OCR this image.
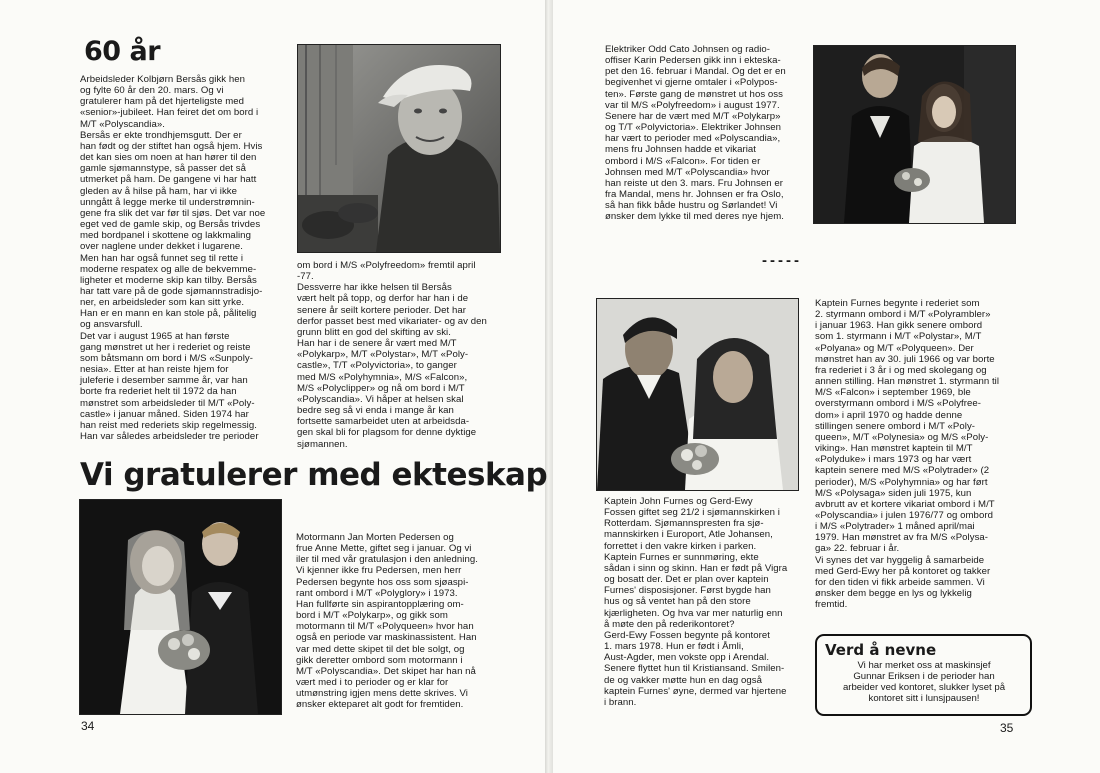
60 år
Arbeidsleder Kolbjørn Bersås gikk hen
og fylte 60 år den 20. mars. Og vi
gratulerer ham på det hjerteligste med
«senior»-jubileet. Han feiret det om bord i
M/T «Polyscandia».
Bersås er ekte trondhjemsgutt. Der er
han født og der stiftet han også hjem. Hvis
det kan sies om noen at han hører til den
gamle sjømannstype, så passer det så
utmerket på ham. De gangene vi har hatt
gleden av å hilse på ham, har vi ikke
unngått å legge merke til understrømnin-
gene fra slik det var før til sjøs. Det var noe
eget ved de gamle skip, og Bersås trivdes
med bordpanel i skottene og lakkmaling
over naglene under dekket i lugarene.
Men han har også funnet seg til rette i
moderne respatex og alle de bekvemme-
ligheter et moderne skip kan tilby. Bersås
har tatt vare på de gode sjømannstradisjo-
ner, en arbeidsleder som kan sitt yrke.
Han er en mann en kan stole på, pålitelig
og ansvarsfull.
Det var i august 1965 at han første
gang mønstret ut her i rederiet og reiste
som båtsmann om bord i M/S «Sunpoly-
nesia». Etter at han reiste hjem for
juleferie i desember samme år, var han
borte fra rederiet helt til 1972 da han
mønstret som arbeidsleder til M/T «Poly-
castle» i januar måned. Siden 1974 har
han reist med rederiets skip regelmessig.
Han var således arbeidsleder tre perioder
om bord i M/S «Polyfreedom» fremtil april
-77.
Dessverre har ikke helsen til Bersås
vært helt på topp, og derfor har han i de
senere år seilt kortere perioder. Det har
derfor passet best med vikariater- og av den
grunn blitt en god del skifting av ski.
Han har i de senere år vært med M/T
«Polykarp», M/T «Polystar», M/T «Poly-
castle», T/T «Polyvictoria», to ganger
med M/S «Polyhymnia», M/S «Falcon»,
M/S «Polyclipper» og nå om bord i M/T
«Polyscandia». Vi håper at helsen skal
bedre seg så vi enda i mange år kan
fortsette samarbeidet uten at arbeidsda-
gen skal bli for plagsom for denne dyktige
sjømannen.
Vi gratulerer med ekteskap
Motormann Jan Morten Pedersen og
frue Anne Mette, giftet seg i januar. Og vi
iler til med vår gratulasjon i den anledning.
Vi kjenner ikke fru Pedersen, men herr
Pedersen begynte hos oss som sjøaspi-
rant ombord i M/T «Polyglory» i 1973.
Han fullførte sin aspirantopplæring om-
bord i M/T «Polykarp», og gikk som
motormann til M/T «Polyqueen» hvor han
også en periode var maskinassistent. Han
var med dette skipet til det ble solgt, og
gikk deretter ombord som motormann i
M/T «Polyscandia». Det skipet har han nå
vært med i to perioder og er klar for
utmønstring igjen mens dette skrives. Vi
ønsker ekteparet alt godt for fremtiden.
34
Elektriker Odd Cato Johnsen og radio-
offiser Karin Pedersen gikk inn i ekteska-
pet den 16. februar i Mandal. Og det er en
begivenhet vi gjerne omtaler i «Polypos-
ten». Første gang de mønstret ut hos oss
var til M/S «Polyfreedom» i august 1977.
Senere har de vært med M/T «Polykarp»
og T/T «Polyvictoria». Elektriker Johnsen
har vært to perioder med «Polyscandia»,
mens fru Johnsen hadde et vikariat
ombord i M/S «Falcon». For tiden er
Johnsen med M/T «Polyscandia» hvor
han reiste ut den 3. mars. Fru Johnsen er
fra Mandal, mens hr. Johnsen er fra Oslo,
så han fikk både hustru og Sørlandet! Vi
ønsker dem lykke til med deres nye hjem.
-----
Kaptein John Furnes og Gerd-Ewy
Fossen giftet seg 21/2 i sjømannskirken i
Rotterdam. Sjømannspresten fra sjø-
mannskirken i Europort, Atle Johansen,
forrettet i den vakre kirken i parken.
Kaptein Furnes er sunnmøring, ekte
sådan i sinn og skinn. Han er født på Vigra
og bosatt der. Det er plan over kaptein
Furnes' disposisjoner. Først bygde han
hus og så ventet han på den store
kjærligheten. Og hva var mer naturlig enn
å møte den på rederikontoret?
Gerd-Ewy Fossen begynte på kontoret
1. mars 1978. Hun er født i Åmli,
Aust-Agder, men vokste opp i Arendal.
Senere flyttet hun til Kristiansand. Smilen-
de og vakker møtte hun en dag også
kaptein Furnes' øyne, dermed var hjertene
i brann.
Kaptein Furnes begynte i rederiet som
2. styrmann ombord i M/T «Polyrambler»
i januar 1963. Han gikk senere ombord
som 1. styrmann i M/T «Polystar», M/T
«Polyana» og M/T «Polyqueen». Der
mønstret han av 30. juli 1966 og var borte
fra rederiet i 3 år i og med skolegang og
annen stilling. Han mønstret 1. styrmann til
M/S «Falcon» i september 1969, ble
overstyrmann ombord i M/S «Polyfree-
dom» i april 1970 og hadde denne
stillingen senere ombord i M/T «Poly-
queen», M/T «Polynesia» og M/S «Poly-
viking». Han mønstret kaptein til M/T
«Polyduke» i mars 1973 og har vært
kaptein senere med M/S «Polytrader» (2
perioder), M/S «Polyhymnia» og har ført
M/S «Polysaga» siden juli 1975, kun
avbrutt av et kortere vikariat ombord i M/T
«Polyscandia» i julen 1976/77 og ombord
i M/S «Polytrader» 1 måned april/mai
1979. Han mønstret av fra M/S «Polysa-
ga» 22. februar i år.
Vi synes det var hyggelig å samarbeide
med Gerd-Ewy her på kontoret og takker
for den tiden vi fikk arbeide sammen. Vi
ønsker dem begge en lys og lykkelig
fremtid.
Verd å nevne
Vi har merket oss at maskinsjef
Gunnar Eriksen i de perioder han
arbeider ved kontoret, slukker lyset på
kontoret sitt i lunsjpausen!
35
